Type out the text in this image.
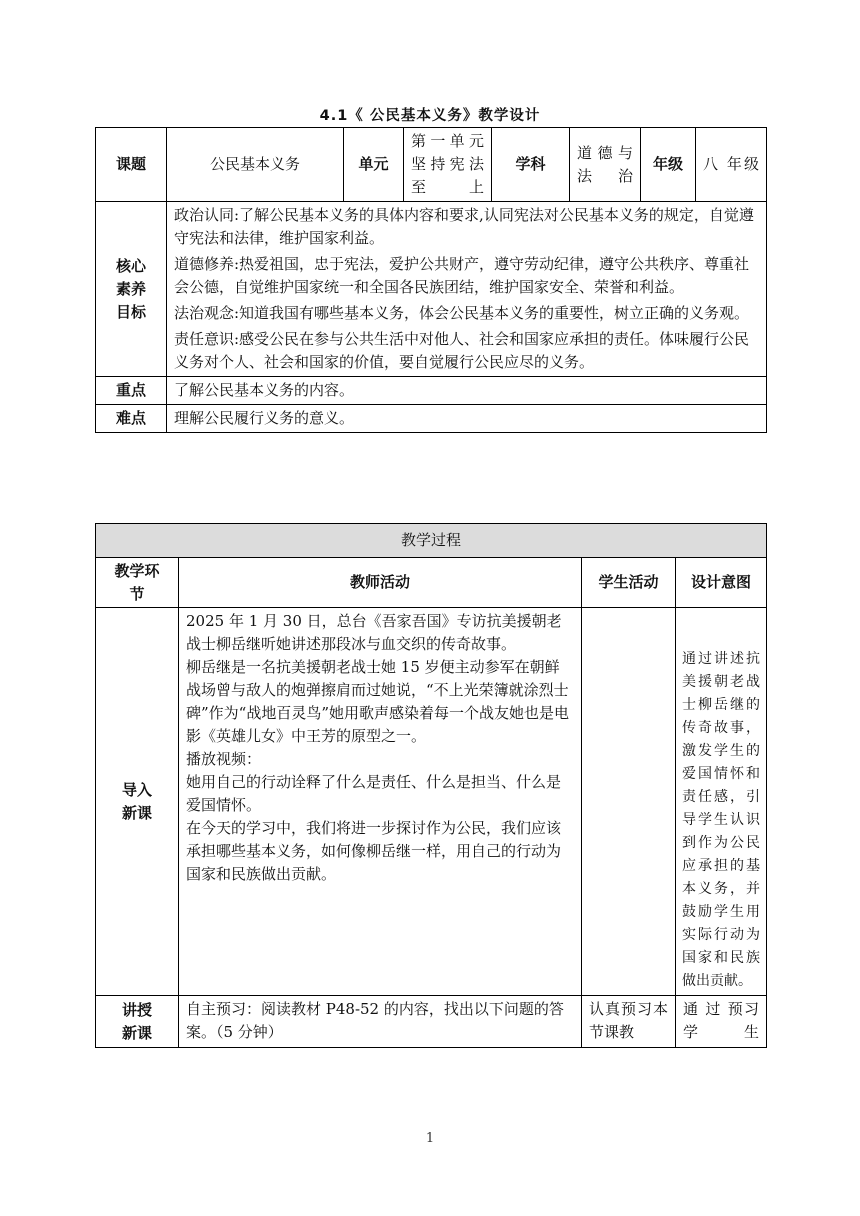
4.1《 公民基本义务》教学设计
课题	公民基本义务	单元	第一单元 坚持宪法至上	学科	道德与法治	年级	八 年级
核心素养目标	政治认同:了解公民基本义务的具体内容和要求,认同宪法对公民基本义务的规定，自觉遵守宪法和法律，维护国家利益。

道德修养:热爱祖国，忠于宪法，爱护公共财产，遵守劳动纪律，遵守公共秩序、尊重社会公德，自觉维护国家统一和全国各民族团结，维护国家安全、荣誉和利益。

法治观念:知道我国有哪些基本义务，体会公民基本义务的重要性，树立正确的义务观。

责任意识:感受公民在参与公共生活中对他人、社会和国家应承担的责任。体味履行公民义务对个人、社会和国家的价值，要自觉履行公民应尽的义务。						

重点	了解公民基本义务的内容。						
难点	理解公民履行义务的意义。						
教学过程			
教学环节	教师活动	学生活动	设计意图
导入新课	2025 年 1 月 30 日，总台《吾家吾国》专访抗美援朝老战士柳岳继听她讲述那段冰与血交织的传奇故事。
柳岳继是一名抗美援朝老战士她 15 岁便主动参军在朝鲜战场曾与敌人的炮弹擦肩而过她说，“不上光荣簿就涂烈士碑”作为“战地百灵鸟”她用歌声感染着每一个战友她也是电影《英雄儿女》中王芳的原型之一。
播放视频：
她用自己的行动诠释了什么是责任、什么是担当、什么是爱国情怀。
在今天的学习中，我们将进一步探讨作为公民，我们应该承担哪些基本义务，如何像柳岳继一样，用自己的行动为国家和民族做出贡献。		通过讲述抗美援朝老战士柳岳继的传奇故事，激发学生的爱国情怀和责任感，引导学生认识到作为公民应承担的基本义务，并鼓励学生用实际行动为国家和民族做出贡献。
讲授新课	自主预习：阅读教材 P48-52 的内容，找出以下问题的答案。（5 分钟）	认真预习本节课教	通 过 预习 学 生
1
